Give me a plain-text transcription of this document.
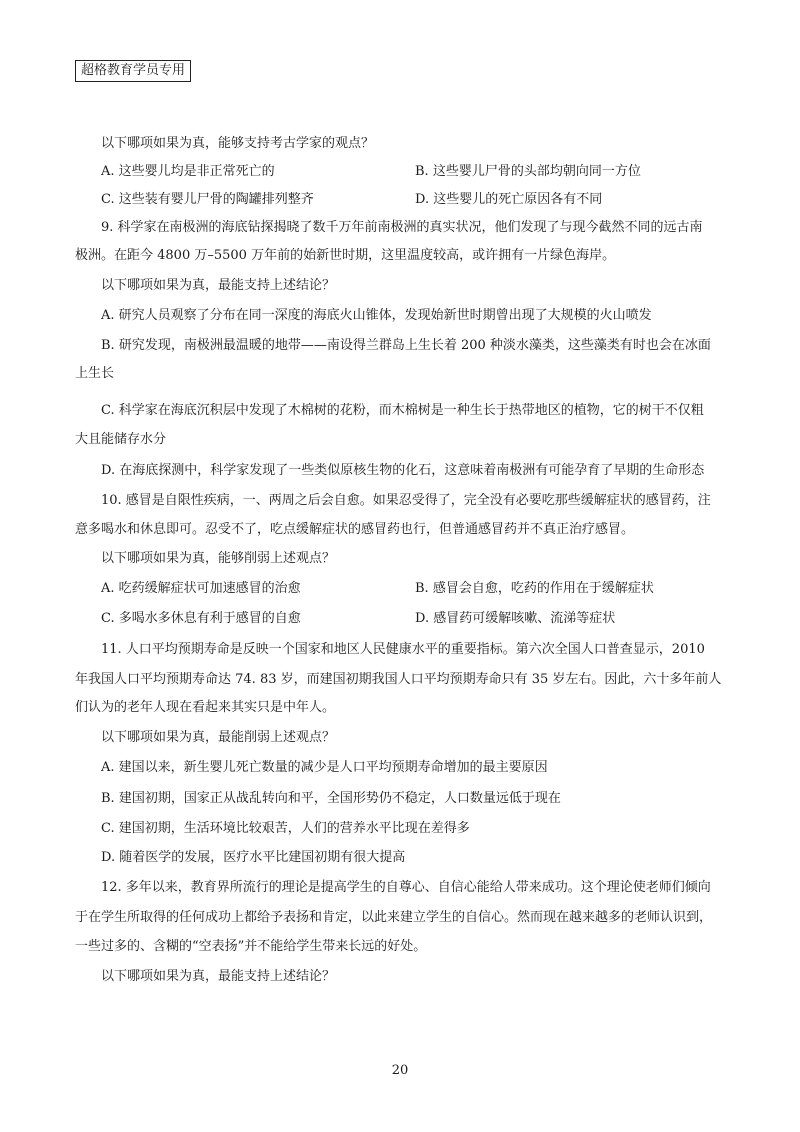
超格教育学员专用
以下哪项如果为真，能够支持考古学家的观点？
A. 这些婴儿均是非正常死亡的	B. 这些婴儿尸骨的头部均朝向同一方位
C. 这些装有婴儿尸骨的陶罐排列整齐	D. 这些婴儿的死亡原因各有不同
9. 科学家在南极洲的海底钻探揭晓了数千万年前南极洲的真实状况，他们发现了与现今截然不同的远古南
极洲。在距今 4800 万–5500 万年前的始新世时期，这里温度较高，或许拥有一片绿色海岸。
以下哪项如果为真，最能支持上述结论？
A. 研究人员观察了分布在同一深度的海底火山锥体，发现始新世时期曾出现了大规模的火山喷发
B. 研究发现，南极洲最温暖的地带——南设得兰群岛上生长着 200 种淡水藻类，这些藻类有时也会在冰面
上生长
C. 科学家在海底沉积层中发现了木棉树的花粉，而木棉树是一种生长于热带地区的植物，它的树干不仅粗
大且能储存水分
D. 在海底探测中，科学家发现了一些类似原核生物的化石，这意味着南极洲有可能孕育了早期的生命形态
10. 感冒是自限性疾病，一、两周之后会自愈。如果忍受得了，完全没有必要吃那些缓解症状的感冒药，注
意多喝水和休息即可。忍受不了，吃点缓解症状的感冒药也行，但普通感冒药并不真正治疗感冒。
以下哪项如果为真，能够削弱上述观点？
A. 吃药缓解症状可加速感冒的治愈	B. 感冒会自愈，吃药的作用在于缓解症状
C. 多喝水多休息有利于感冒的自愈	D. 感冒药可缓解咳嗽、流涕等症状
11. 人口平均预期寿命是反映一个国家和地区人民健康水平的重要指标。第六次全国人口普查显示，2010
年我国人口平均预期寿命达 74. 83 岁，而建国初期我国人口平均预期寿命只有 35 岁左右。因此，六十多年前人
们认为的老年人现在看起来其实只是中年人。
以下哪项如果为真，最能削弱上述观点？
A. 建国以来，新生婴儿死亡数量的减少是人口平均预期寿命增加的最主要原因
B. 建国初期，国家正从战乱转向和平，全国形势仍不稳定，人口数量远低于现在
C. 建国初期，生活环境比较艰苦，人们的营养水平比现在差得多
D. 随着医学的发展，医疗水平比建国初期有很大提高
12. 多年以来，教育界所流行的理论是提高学生的自尊心、自信心能给人带来成功。这个理论使老师们倾向
于在学生所取得的任何成功上都给予表扬和肯定，以此来建立学生的自信心。然而现在越来越多的老师认识到，
一些过多的、含糊的“空表扬”并不能给学生带来长远的好处。
以下哪项如果为真，最能支持上述结论？
20
